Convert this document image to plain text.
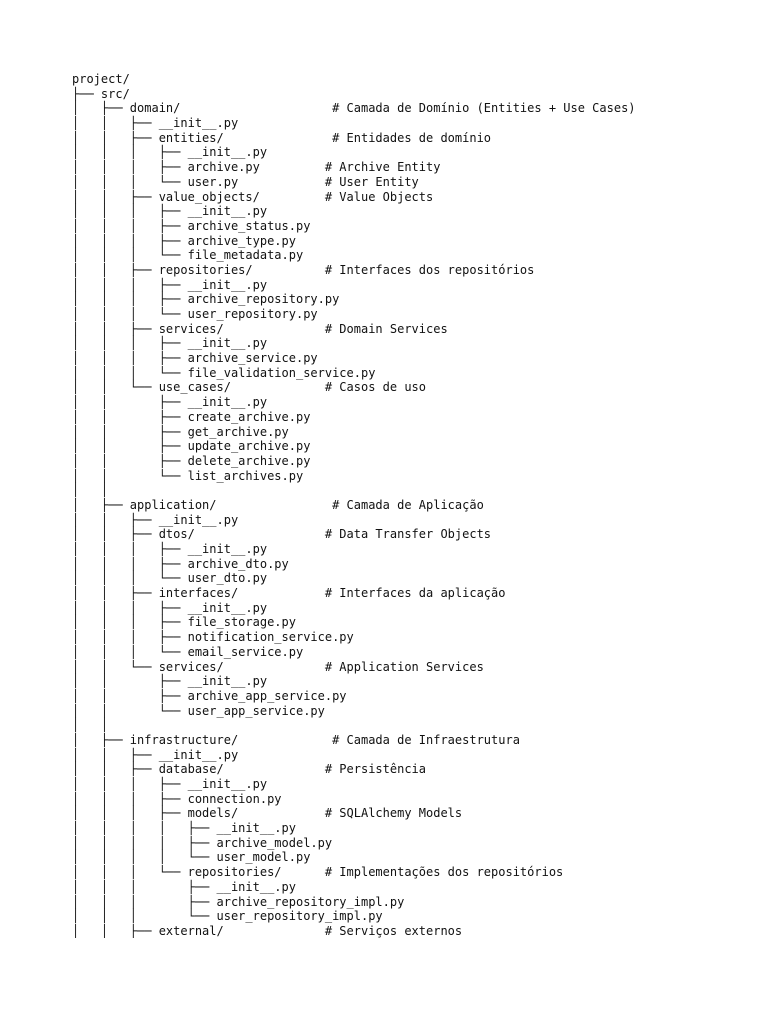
project/
├── src/
│   ├── domain/                     # Camada de Domínio (Entities + Use Cases)
│   │   ├── __init__.py
│   │   ├── entities/               # Entidades de domínio
│   │   │   ├── __init__.py
│   │   │   ├── archive.py         # Archive Entity
│   │   │   └── user.py            # User Entity
│   │   ├── value_objects/         # Value Objects
│   │   │   ├── __init__.py
│   │   │   ├── archive_status.py
│   │   │   ├── archive_type.py
│   │   │   └── file_metadata.py
│   │   ├── repositories/          # Interfaces dos repositórios
│   │   │   ├── __init__.py
│   │   │   ├── archive_repository.py
│   │   │   └── user_repository.py
│   │   ├── services/              # Domain Services
│   │   │   ├── __init__.py
│   │   │   ├── archive_service.py
│   │   │   └── file_validation_service.py
│   │   └── use_cases/             # Casos de uso
│   │       ├── __init__.py
│   │       ├── create_archive.py
│   │       ├── get_archive.py
│   │       ├── update_archive.py
│   │       ├── delete_archive.py
│   │       └── list_archives.py
│   │
│   ├── application/                # Camada de Aplicação
│   │   ├── __init__.py
│   │   ├── dtos/                  # Data Transfer Objects
│   │   │   ├── __init__.py
│   │   │   ├── archive_dto.py
│   │   │   └── user_dto.py
│   │   ├── interfaces/            # Interfaces da aplicação
│   │   │   ├── __init__.py
│   │   │   ├── file_storage.py
│   │   │   ├── notification_service.py
│   │   │   └── email_service.py
│   │   └── services/              # Application Services
│   │       ├── __init__.py
│   │       ├── archive_app_service.py
│   │       └── user_app_service.py
│   │
│   ├── infrastructure/             # Camada de Infraestrutura
│   │   ├── __init__.py
│   │   ├── database/              # Persistência
│   │   │   ├── __init__.py
│   │   │   ├── connection.py
│   │   │   ├── models/            # SQLAlchemy Models
│   │   │   │   ├── __init__.py
│   │   │   │   ├── archive_model.py
│   │   │   │   └── user_model.py
│   │   │   └── repositories/      # Implementações dos repositórios
│   │   │       ├── __init__.py
│   │   │       ├── archive_repository_impl.py
│   │   │       └── user_repository_impl.py
│   │   ├── external/              # Serviços externos
